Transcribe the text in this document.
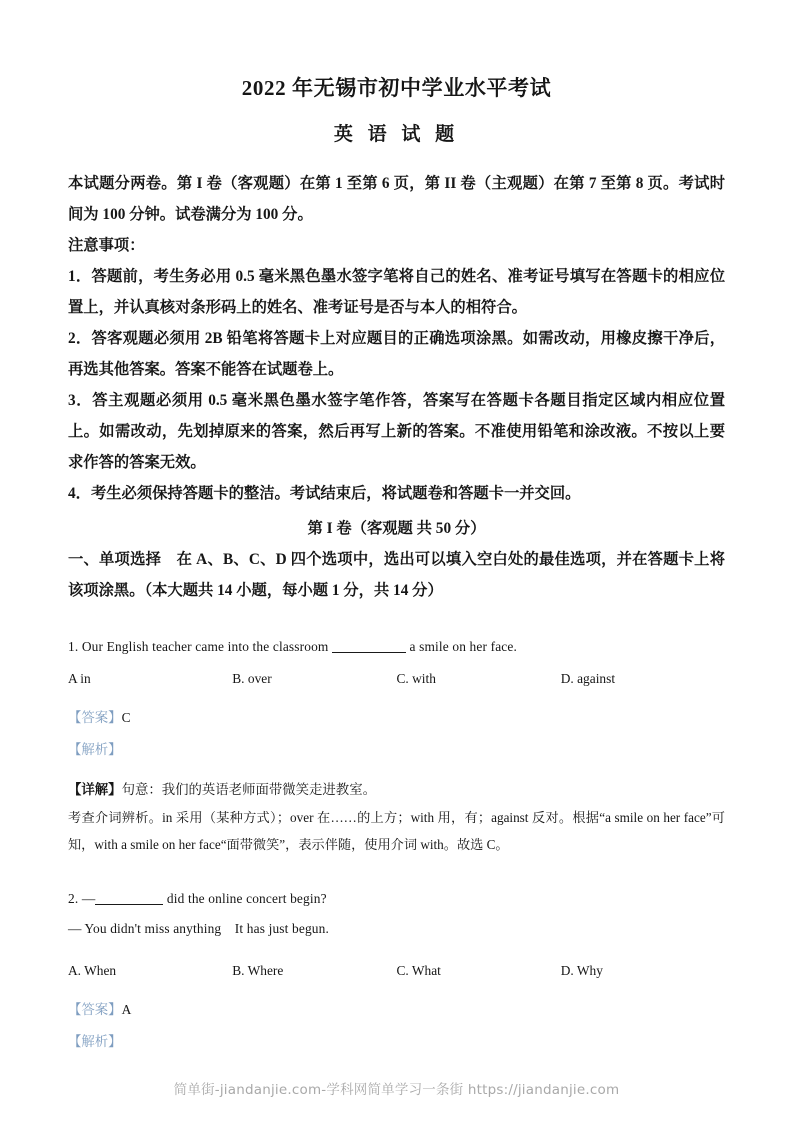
2022 年无锡市初中学业水平考试
英 语 试 题

本试题分两卷。第 I 卷（客观题）在第 1 至第 6 页，第 II 卷（主观题）在第 7 至第 8 页。考试时间为 100 分钟。试卷满分为 100 分。

注意事项：

1．答题前，考生务必用 0.5 毫米黑色墨水签字笔将自己的姓名、准考证号填写在答题卡的相应位置上，并认真核对条形码上的姓名、准考证号是否与本人的相符合。

2．答客观题必须用 2B 铅笔将答题卡上对应题目的正确选项涂黑。如需改动，用橡皮擦干净后，再选其他答案。答案不能答在试题卷上。

3．答主观题必须用 0.5 毫米黑色墨水签字笔作答，答案写在答题卡各题目指定区域内相应位置上。如需改动，先划掉原来的答案，然后再写上新的答案。不准使用铅笔和涂改液。不按以上要求作答的答案无效。

4．考生必须保持答题卡的整洁。考试结束后，将试题卷和答题卡一并交回。

第 I 卷（客观题 共 50 分）

一、单项选择　在 A、B、C、D 四个选项中，选出可以填入空白处的最佳选项，并在答题卡上将该项涂黑。（本大题共 14 小题，每小题 1 分，共 14 分）

1. Our English teacher came into the classroom	a smile on her face.

A in	B. over	C. with	D. against

【答案】C

【解析】

【详解】句意：我们的英语老师面带微笑走进教室。

考查介词辨析。in 采用（某种方式）；over 在……的上方；with 用，有；against 反对。根据“a smile on her face”可知，with a smile on her face“面带微笑”，表示伴随，使用介词 with。故选 C。

2. —	did the online concert begin?

— You didn't miss anything　It has just begun.

A. When	B. Where	C. What	D. Why

【答案】A

【解析】

简单街-jiandanjie.com-学科网简单学习一条街 https://jiandanjie.com
